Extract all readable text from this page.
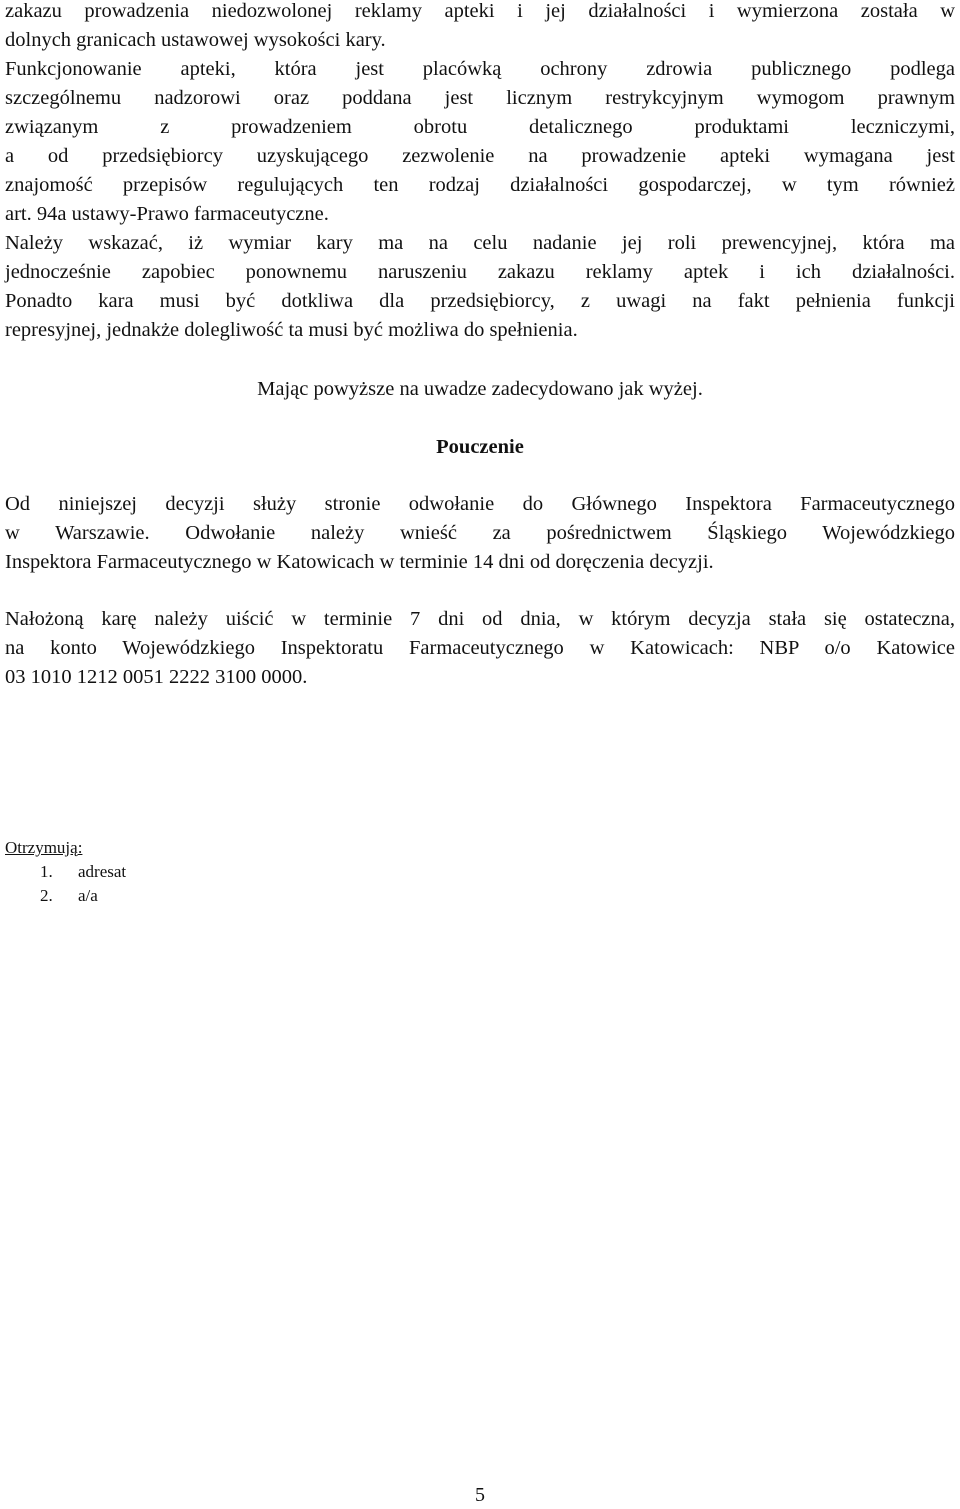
zakazu prowadzenia niedozwolonej reklamy apteki i jej działalności i wymierzona została w
dolnych granicach ustawowej wysokości kary.
Funkcjonowanie apteki, która jest placówką ochrony zdrowia publicznego podlega
szczególnemu nadzorowi oraz poddana jest licznym restrykcyjnym wymogom prawnym
związanym z prowadzeniem obrotu detalicznego produktami leczniczymi,
a od przedsiębiorcy uzyskującego zezwolenie na prowadzenie apteki wymagana jest
znajomość przepisów regulujących ten rodzaj działalności gospodarczej, w tym również
art. 94a ustawy-Prawo farmaceutyczne.
Należy wskazać, iż wymiar kary ma na celu nadanie jej roli prewencyjnej, która ma
jednocześnie zapobiec ponownemu naruszeniu zakazu reklamy aptek i ich działalności.
Ponadto kara musi być dotkliwa dla przedsiębiorcy, z uwagi na fakt pełnienia funkcji
represyjnej, jednakże dolegliwość ta musi być możliwa do spełnienia.

Mając powyższe na uwadze zadecydowano jak wyżej.

Pouczenie

Od niniejszej decyzji służy stronie odwołanie do Głównego Inspektora Farmaceutycznego
w Warszawie. Odwołanie należy wnieść za pośrednictwem Śląskiego Wojewódzkiego
Inspektora Farmaceutycznego w Katowicach w terminie 14 dni od doręczenia decyzji.
Nałożoną karę należy uiścić w terminie 7 dni od dnia, w którym decyzja stała się ostateczna,
na konto Wojewódzkiego Inspektoratu Farmaceutycznego w Katowicach: NBP o/o Katowice
03 1010 1212 0051 2222 3100 0000.

Otrzymują:

1. adresat
2. a/a

5
